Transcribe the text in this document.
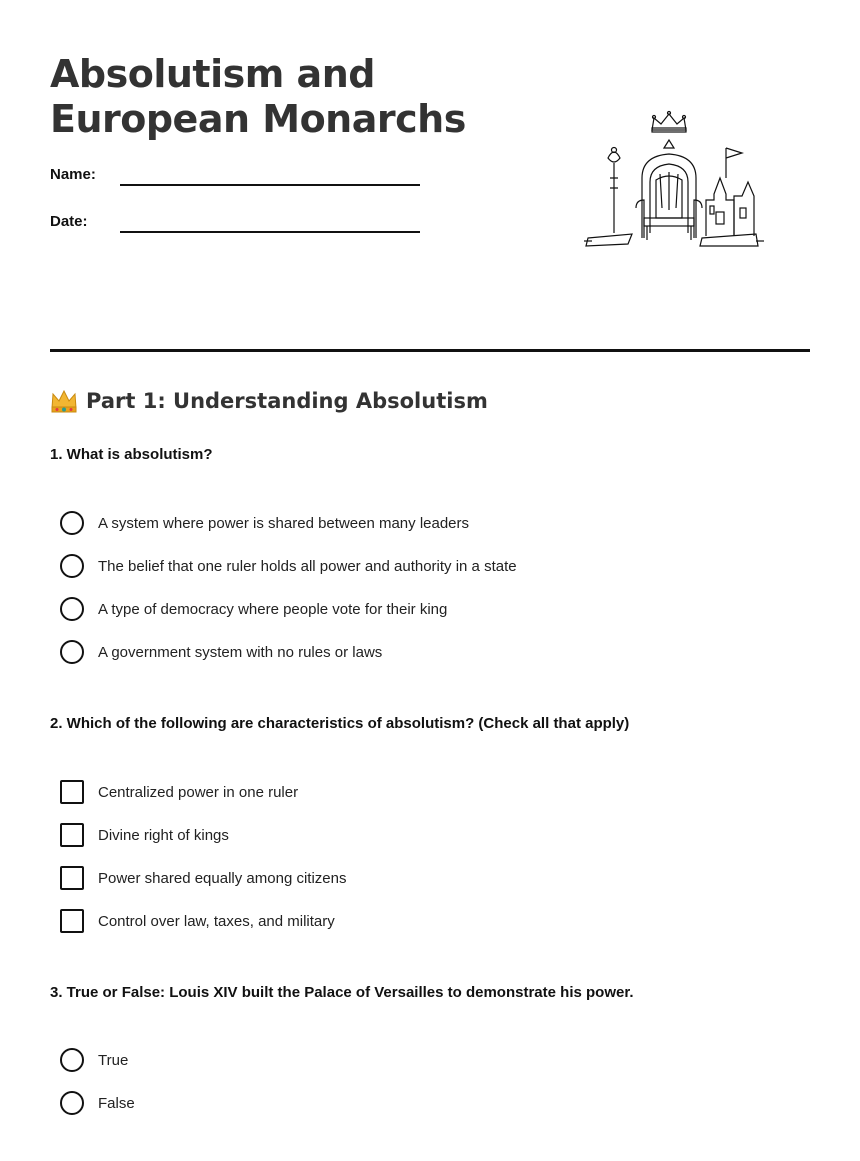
Absolutism and
European Monarchs
Name:
Date:
Part 1: Understanding Absolutism

1. What is absolutism?

A system where power is shared between many leaders
The belief that one ruler holds all power and authority in a state
A type of democracy where people vote for their king
A government system with no rules or laws

2. Which of the following are characteristics of absolutism? (Check all that apply)

Centralized power in one ruler
Divine right of kings
Power shared equally among citizens
Control over law, taxes, and military

3. True or False: Louis XIV built the Palace of Versailles to demonstrate his power.

True
False
